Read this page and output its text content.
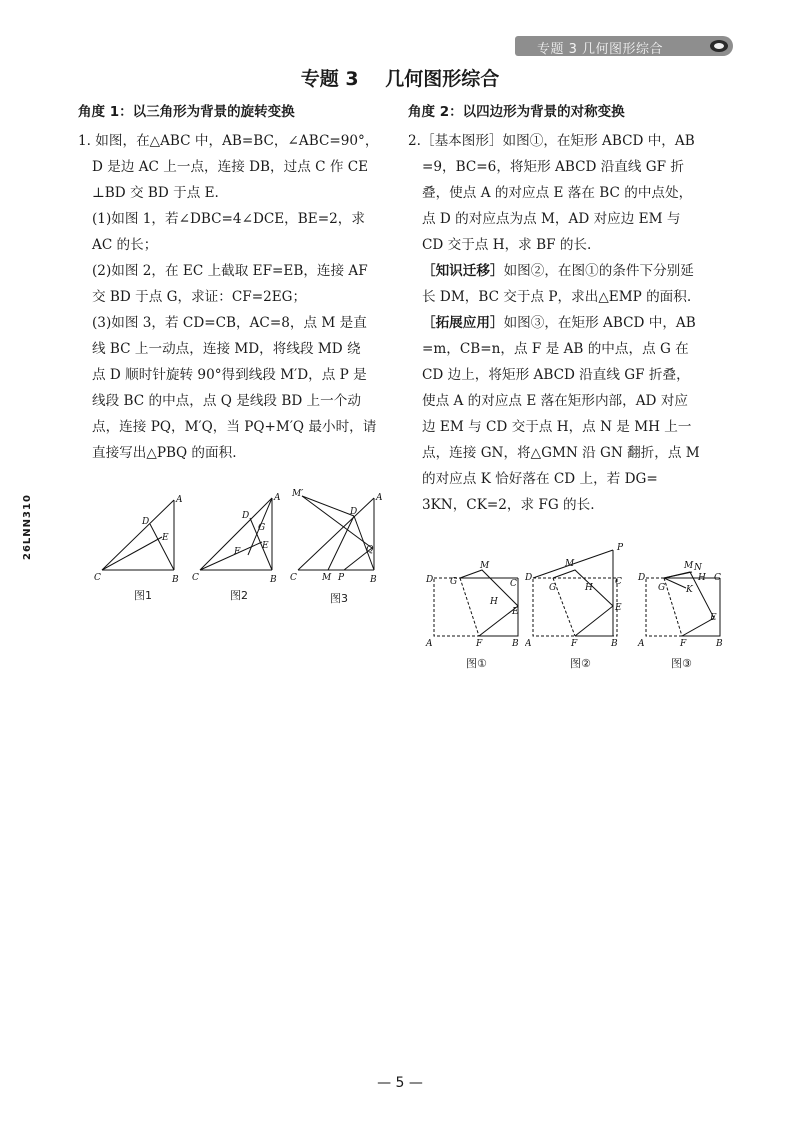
专题 3 几何图形综合
专题 3 几何图形综合
角度 1：以三角形为背景的旋转变换

1. 如图，在△ABC 中，AB=BC，∠ABC=90°，

D 是边 AC 上一点，连接 DB，过点 C 作 CE

⊥BD 交 BD 于点 E.

(1)如图 1，若∠DBC=4∠DCE，BE=2，求

AC 的长；

(2)如图 2，在 EC 上截取 EF=EB，连接 AF

交 BD 于点 G，求证：CF=2EG；

(3)如图 3，若 CD=CB，AC=8，点 M 是直

线 BC 上一动点，连接 MD，将线段 MD 绕

点 D 顺时针旋转 90°得到线段 M′D，点 P 是

线段 BC 的中点，点 Q 是线段 BD 上一个动

点，连接 PQ，M′Q，当 PQ+M′Q 最小时，请

直接写出△PBQ 的面积.

A
D
E
C	B
图1
A
D
G
E
F
C	B
图2
M′	A
D
Q
C	M P	B
图3
角度 2：以四边形为背景的对称变换

2.［基本图形］如图①，在矩形 ABCD 中，AB

=9，BC=6，将矩形 ABCD 沿直线 GF 折

叠，使点 A 的对应点 E 落在 BC 的中点处，

点 D 的对应点为点 M，AD 对应边 EM 与

CD 交于点 H，求 BF 的长.

［知识迁移］如图②，在图①的条件下分别延

长 DM，BC 交于点 P，求出△EMP 的面积.

［拓展应用］如图③，在矩形 ABCD 中，AB

=m，CB=n，点 F 是 AB 的中点，点 G 在

CD 边上，将矩形 ABCD 沿直线 GF 折叠，

使点 A 的对应点 E 落在矩形内部，AD 对应

边 EM 与 CD 交于点 H，点 N 是 MH 上一

点，连接 GN，将△GMN 沿 GN 翻折，点 M

的对应点 K 恰好落在 CD 上，若 DG=

3KN，CK=2，求 FG 的长.

D G
M
C
H
E
A	F	B
图①
P
D
M
G	H
C
E
A	F	B
图②
D
G
M N
H C
K
E
A	F	B
图③
26LNN310
— 5 —
